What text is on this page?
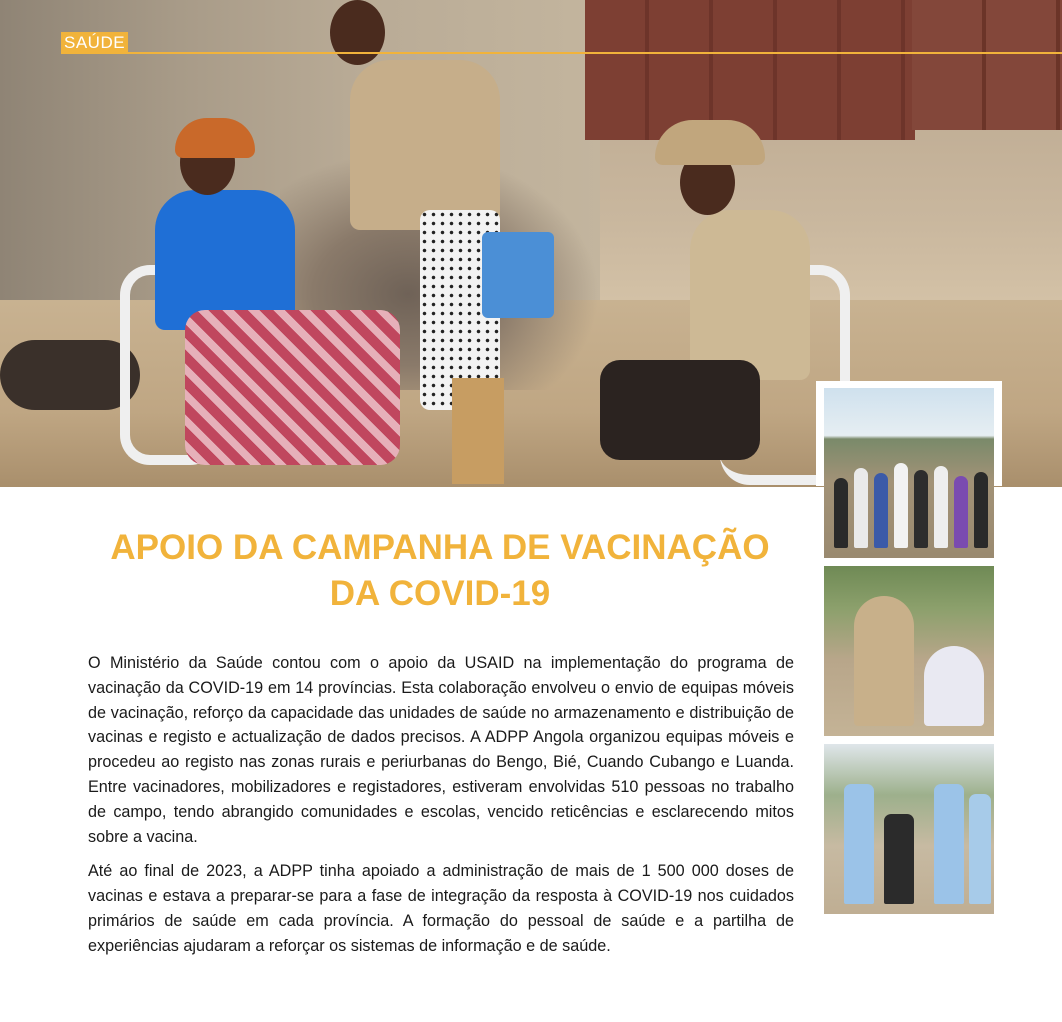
SAÚDE
APOIO DA CAMPANHA DE VACINAÇÃO
DA COVID-19

O Ministério da Saúde contou com o apoio da USAID na implementação do programa de vacinação da COVID-19 em 14 províncias. Esta colaboração envolveu o envio de equipas móveis de vacinação, reforço da capacidade das unidades de saúde no armazenamento e distribuição de vacinas e registo e actualização de dados precisos. A ADPP Angola organizou equipas móveis e procedeu ao registo nas zonas rurais e periurbanas do Bengo, Bié, Cuando Cubango e Luanda. Entre vacinadores, mobilizadores e registadores, estiveram envolvidas 510 pessoas no trabalho de campo, tendo abrangido comunidades e escolas, vencido reticências e esclarecendo mitos sobre a vacina.

Até ao final de 2023, a ADPP tinha apoiado a administração de mais de 1 500 000 doses de vacinas e estava a preparar-se para a fase de integração da resposta à COVID-19 nos cuidados primários de saúde em cada província. A formação do pessoal de saúde e a partilha de experiências ajudaram a reforçar os sistemas de informação e de saúde.
